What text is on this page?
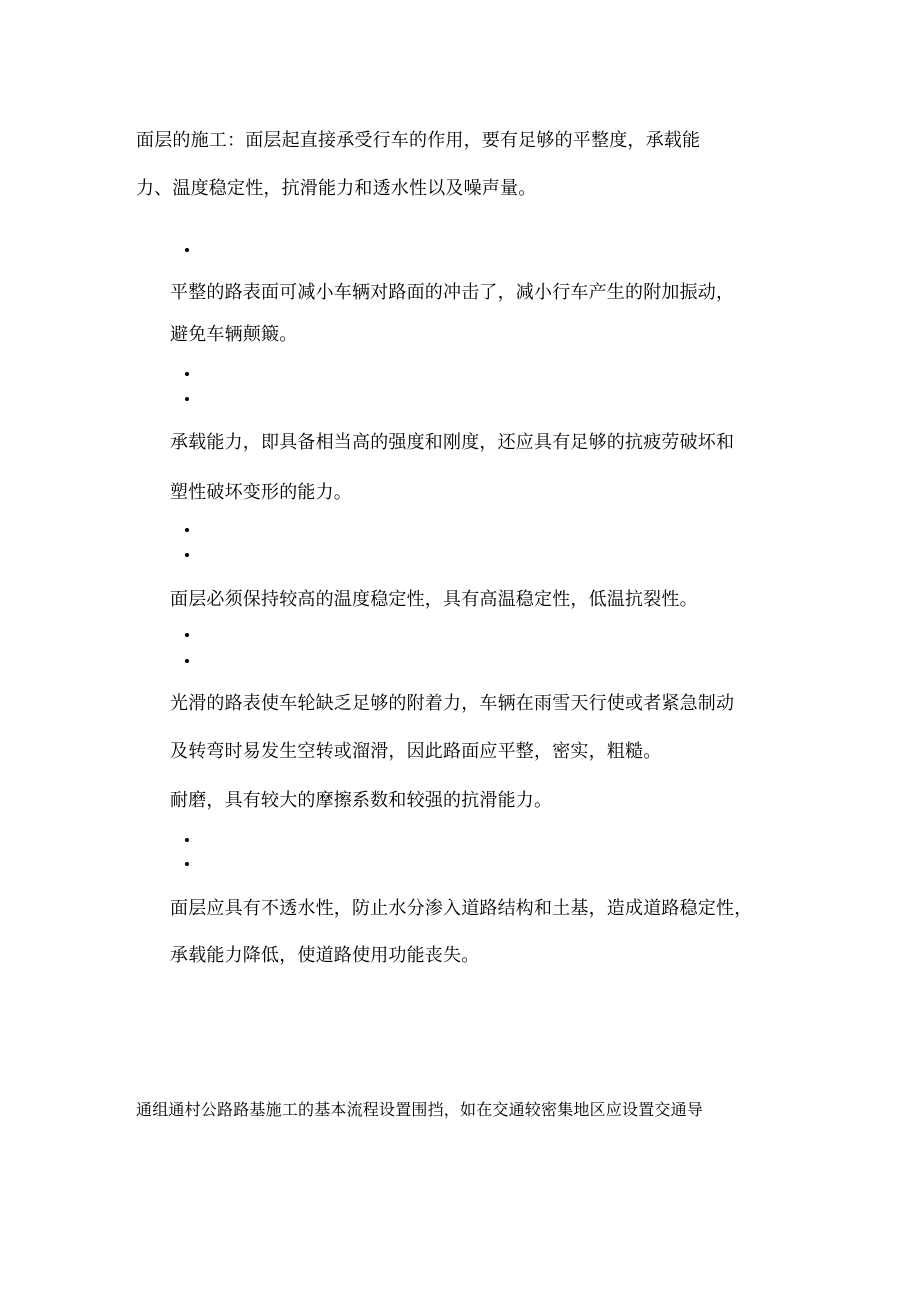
面层的施工：面层起直接承受行车的作用，要有足够的平整度，承载能
力、温度稳定性，抗滑能力和透水性以及噪声量。
平整的路表面可减小车辆对路面的冲击了，减小行车产生的附加振动，
避免车辆颠簸。
承载能力，即具备相当高的强度和刚度，还应具有足够的抗疲劳破坏和
塑性破坏变形的能力。
面层必须保持较高的温度稳定性，具有高温稳定性，低温抗裂性。
光滑的路表使车轮缺乏足够的附着力，车辆在雨雪天行使或者紧急制动
及转弯时易发生空转或溜滑，因此路面应平整，密实，粗糙。
耐磨，具有较大的摩擦系数和较强的抗滑能力。
面层应具有不透水性，防止水分渗入道路结构和土基，造成道路稳定性，
承载能力降低，使道路使用功能丧失。
通组通村公路路基施工的基本流程设置围挡，如在交通较密集地区应设置交通导
